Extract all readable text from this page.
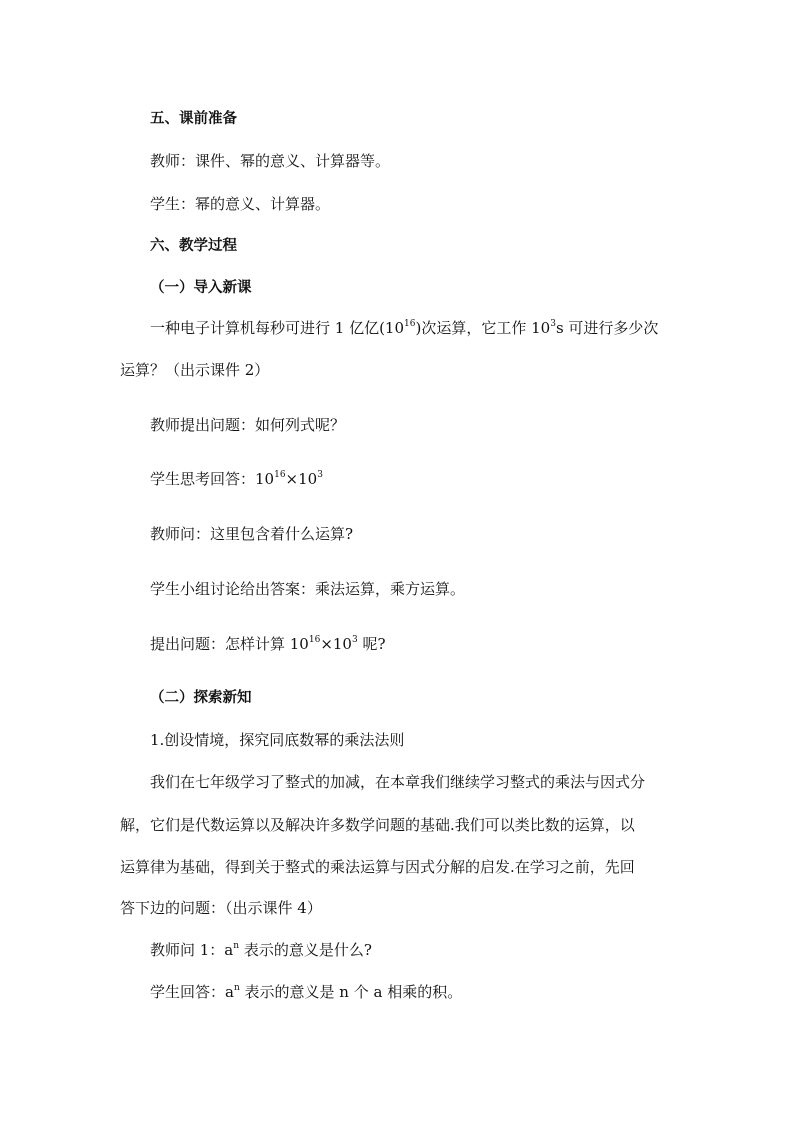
五、课前准备
教师：课件、幂的意义、计算器等。
学生：幂的意义、计算器。
六、教学过程
（一）导入新课
一种电子计算机每秒可进行 1 亿亿$(10^{16})$次运算，它工作 $10^3s$ 可进行多少次
运算？（出示课件 2）
教师提出问题：如何列式呢？
学生思考回答：$10^{16}\times 10^3$
教师问：这里包含着什么运算?
学生小组讨论给出答案：乘法运算，乘方运算。
提出问题：怎样计算 $10^{16}\times 10^3$ 呢?
（二）探索新知
1.创设情境，探究同底数幂的乘法法则
我们在七年级学习了整式的加减，在本章我们继续学习整式的乘法与因式分
解，它们是代数运算以及解决许多数学问题的基础.我们可以类比数的运算，以
运算律为基础，得到关于整式的乘法运算与因式分解的启发.在学习之前，先回
答下边的问题：（出示课件 4）
教师问 1：$a^n$ 表示的意义是什么?
学生回答：$a^n$ 表示的意义是 n 个 a 相乘的积。
